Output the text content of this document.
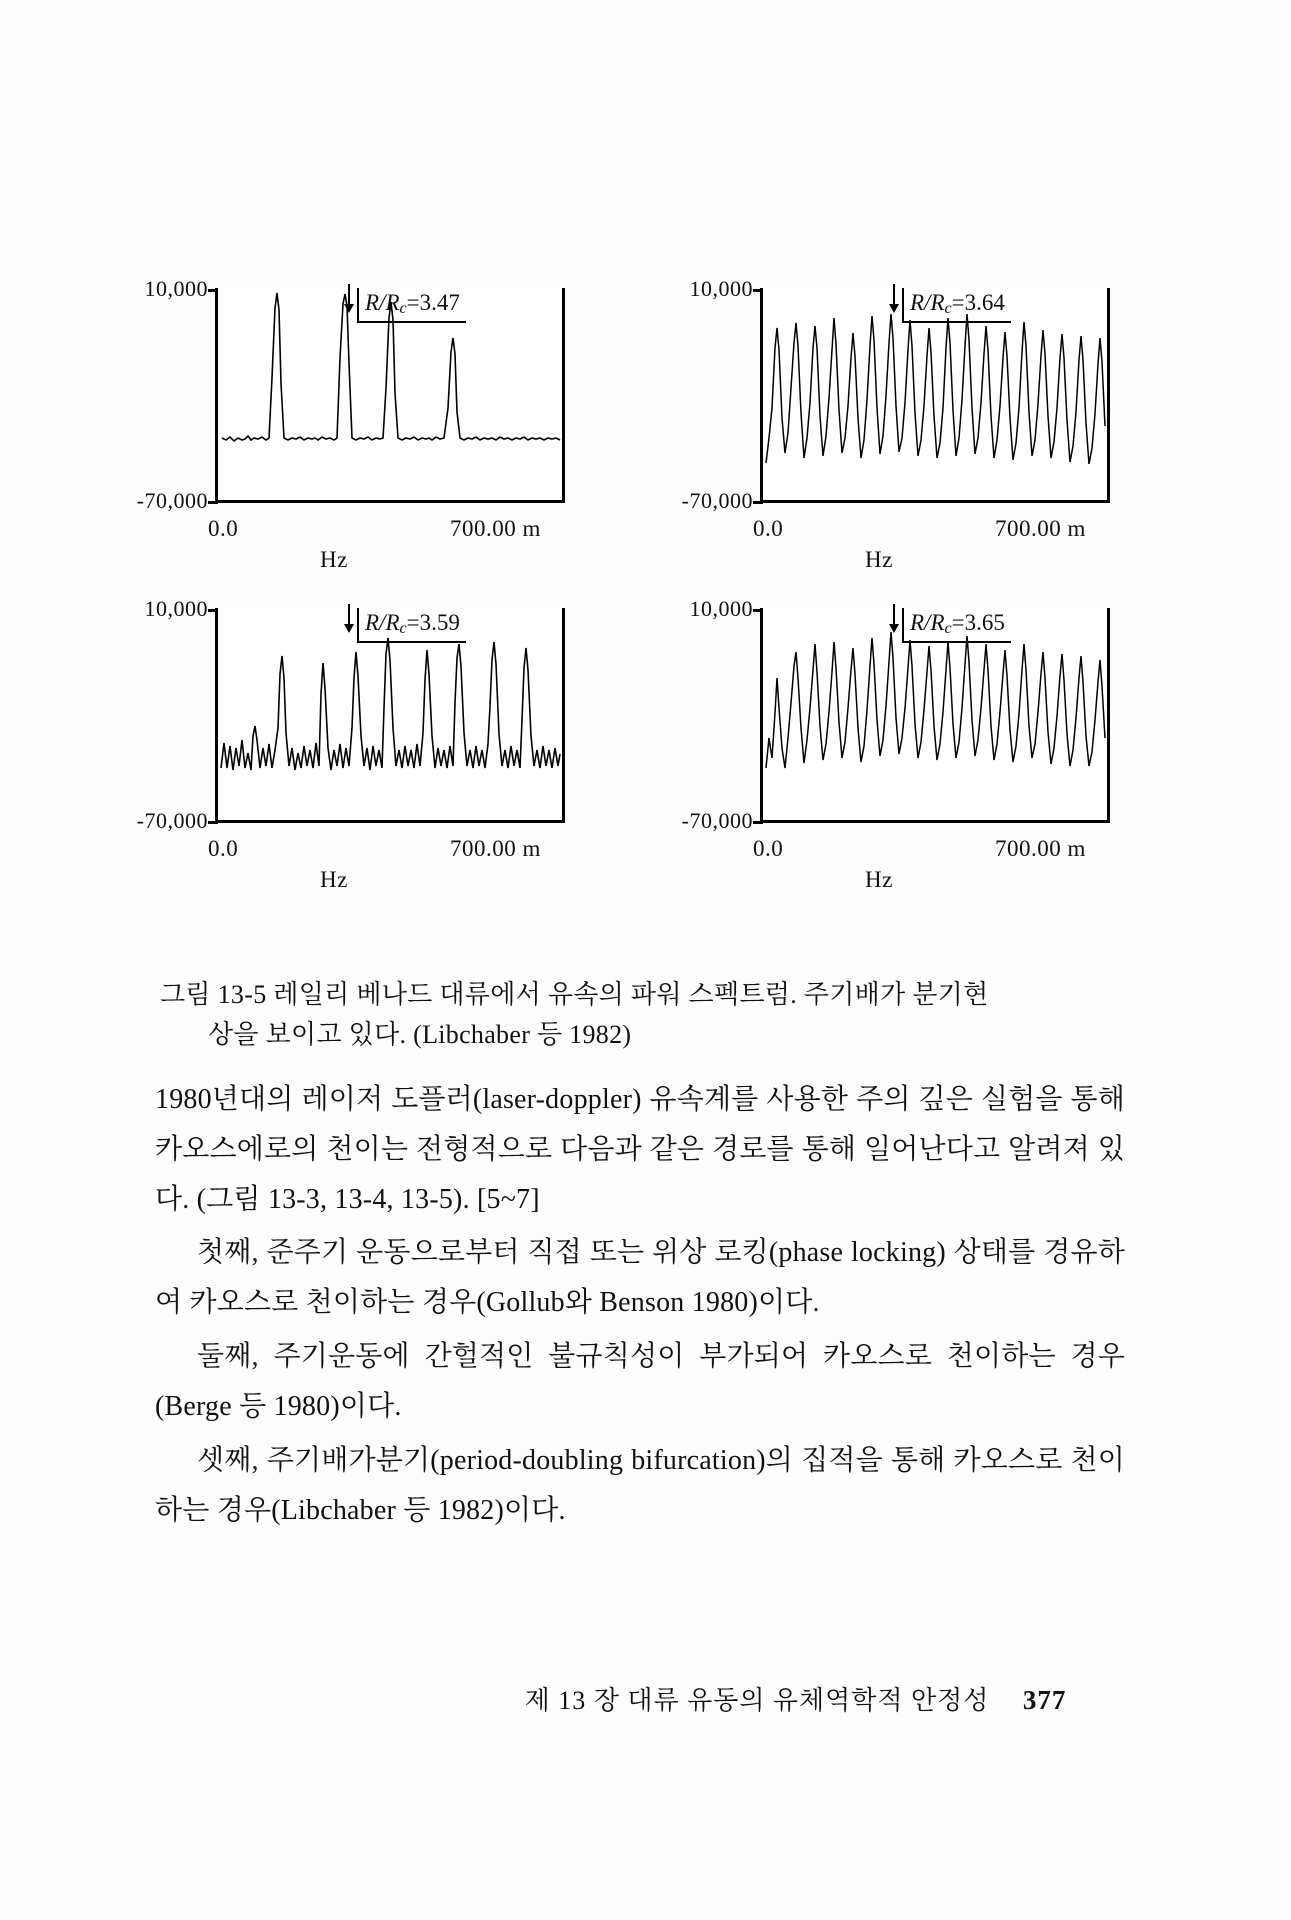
10,000
-70,000
R/Rc=3.47
0.0	700.00 m
Hz
10,000
-70,000
R/Rc=3.64
0.0	700.00 m
Hz
10,000
-70,000
R/Rc=3.59
0.0	700.00 m
Hz
10,000
-70,000
R/Rc=3.65
0.0	700.00 m
Hz
그림 13-5 레일리 베나드 대류에서 유속의 파워 스펙트럼. 주기배가 분기현
상을 보이고 있다. (Libchaber 등 1982)

1980년대의 레이저 도플러(laser-doppler) 유속계를 사용한 주의 깊은 실험을 통해 카오스에로의 천이는 전형적으로 다음과 같은 경로를 통해 일어난다고 알려져 있다. (그림 13-3, 13-4, 13-5). [5~7]

첫째, 준주기 운동으로부터 직접 또는 위상 로킹(phase locking) 상태를 경유하여 카오스로 천이하는 경우(Gollub와 Benson 1980)이다.

둘째, 주기운동에 간헐적인 불규칙성이 부가되어 카오스로 천이하는 경우(Berge 등 1980)이다.

셋째, 주기배가분기(period-doubling bifurcation)의 집적을 통해 카오스로 천이하는 경우(Libchaber 등 1982)이다.

제 13 장 대류 유동의 유체역학적 안정성 377
